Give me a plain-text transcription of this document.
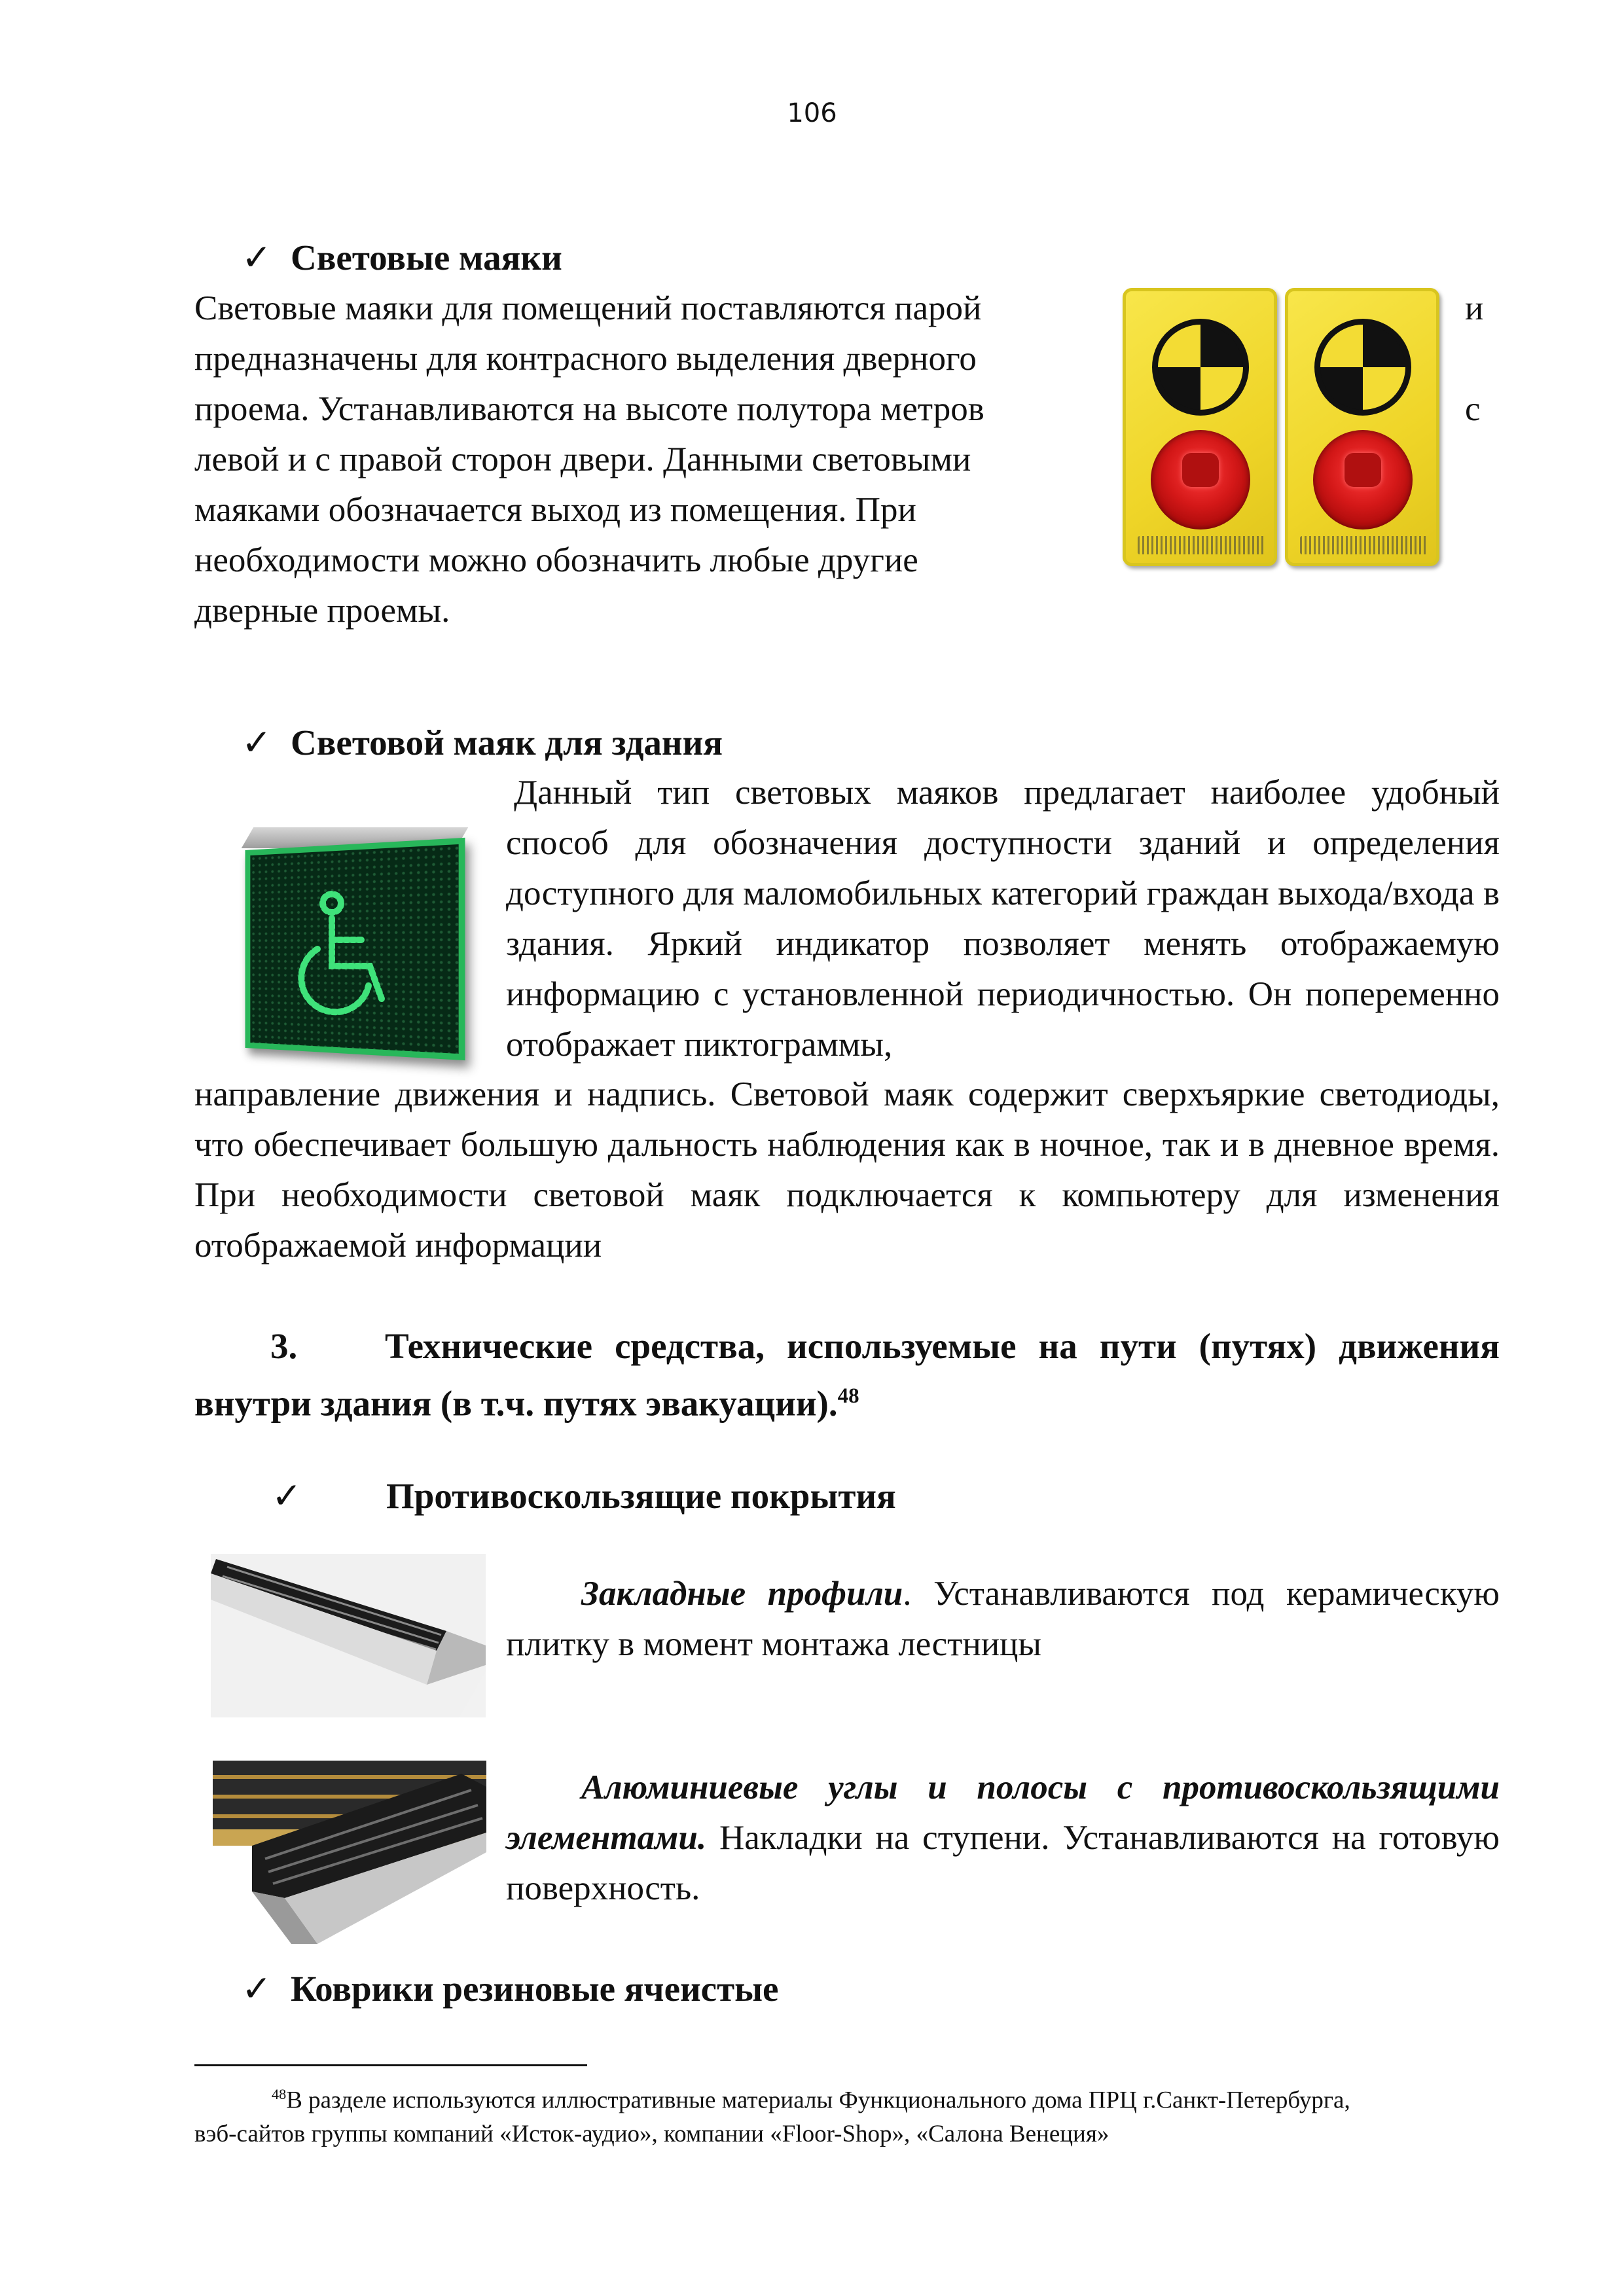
106

✓ Световые маяки

Световые маяки для помещений поставляются парой

предназначены для контрасного выделения дверного

проема. Устанавливаются на высоте полутора метров

левой и с правой сторон двери. Данными световыми

маяками обозначается выход из помещения. При

необходимости можно обозначить любые другие

дверные проемы.

и
с

✓ Световой маяк для здания

Данный тип световых маяков предлагает наиболее удобный способ для обозначения доступности зданий и определения доступного для маломобильных категорий граждан выхода/входа в здания. Яркий индикатор позволяет менять отображаемую информацию с установленной периодичностью. Он попеременно отображает пиктограммы,

направление движения и надпись. Световой маяк содержит сверхъяркие светодиоды, что обеспечивает большую дальность наблюдения как в ночное, так и в дневное время. При необходимости световой маяк подключается к компьютеру для изменения отображаемой информации

3.	Технические средства, используемые на пути (путях) движения

внутри здания (в т.ч. путях эвакуации).$^{48}$

✓ Противоскользящие покрытия

Закладные профили. Устанавливаются под керамическую плитку в момент монтажа лестницы

Алюминиевые углы и полосы с противоскользящими элементами. Накладки на ступени. Устанавливаются на готовую поверхность.

✓ Коврики резиновые ячеистые

$^{48}$В разделе используются иллюстративные материалы Функционального дома ПРЦ г.Санкт-Петербурга,
вэб-сайтов группы компаний «Исток-аудио», компании «Floor-Shop», «Салона Венеция»
